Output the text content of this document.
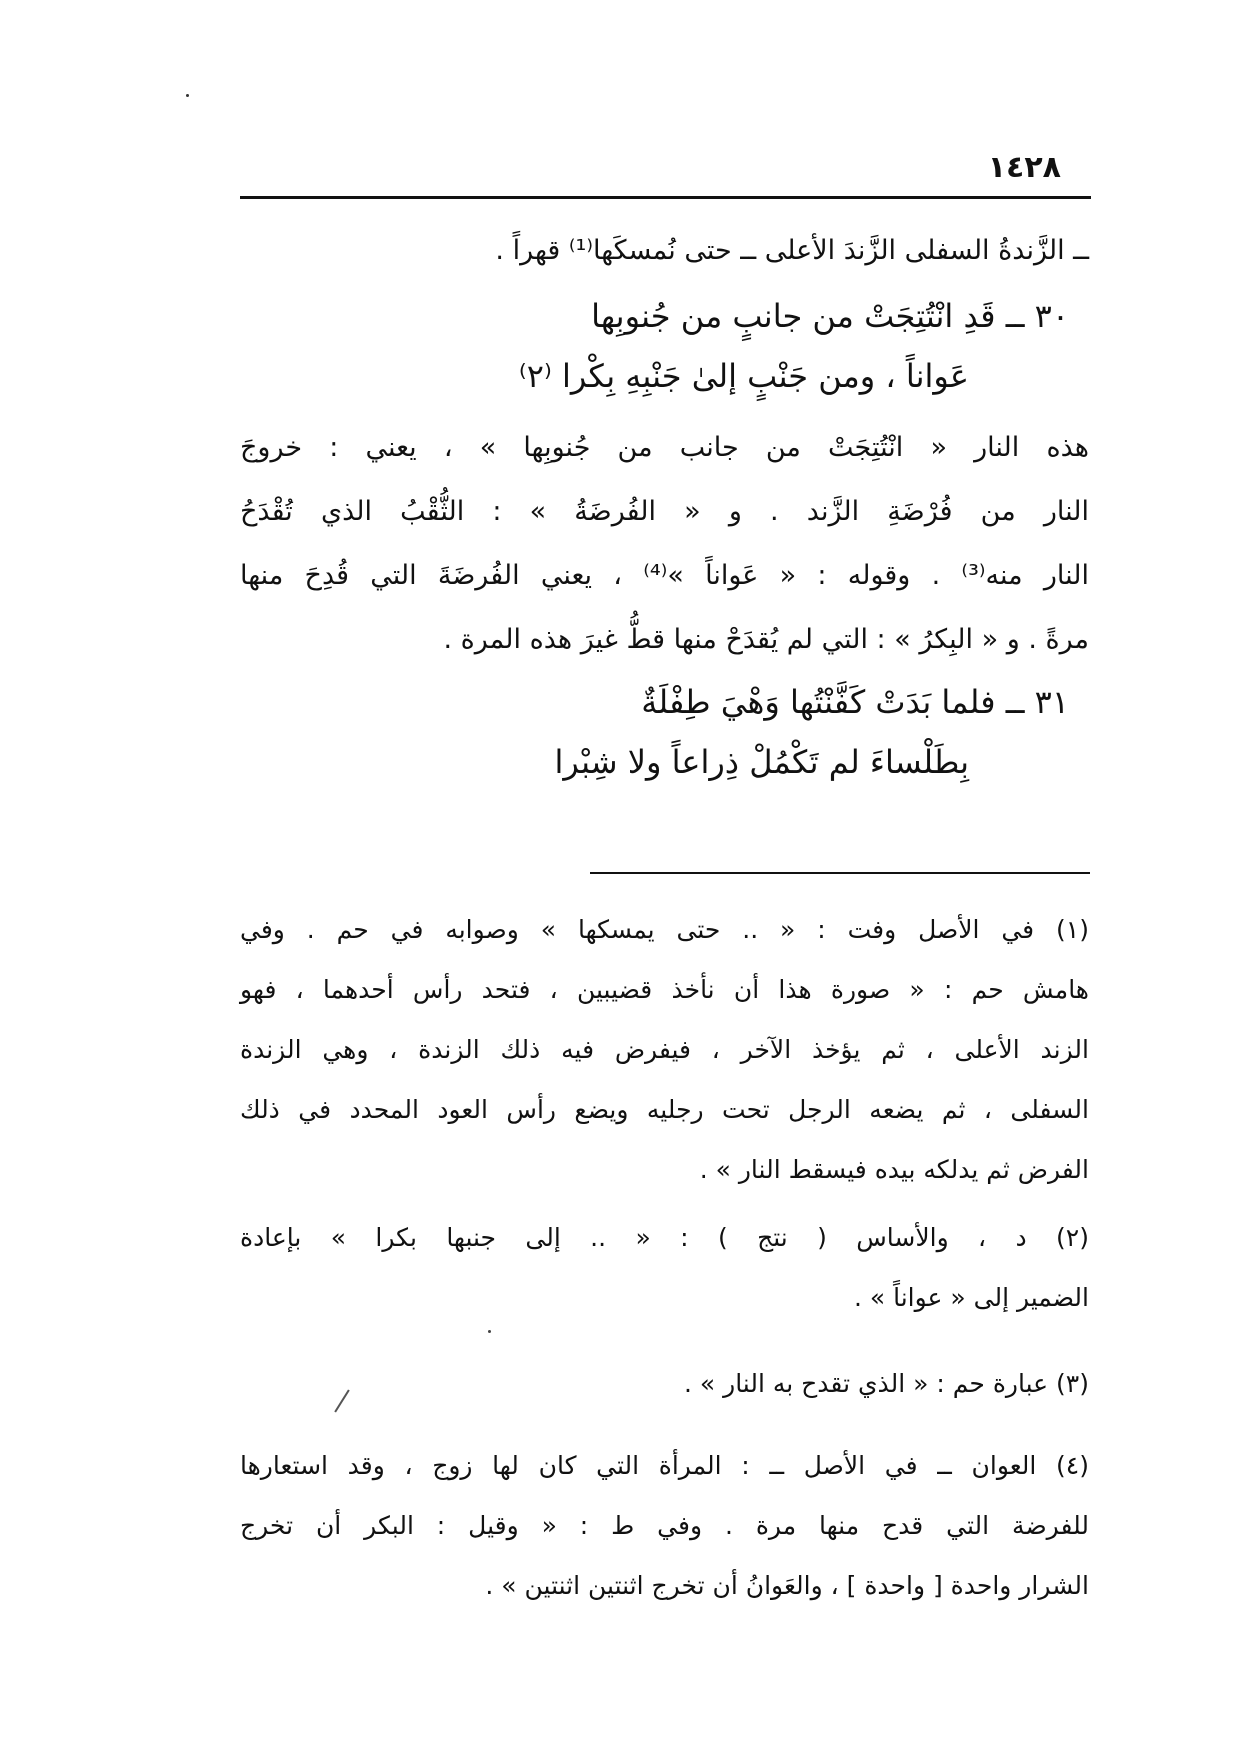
١٤٢٨
ــ الزَّندةُ السفلى الزَّندَ الأعلى ــ حتى نُمسكَها⁽¹⁾ قهراً .
٣٠ ــ قَدِ انْتُتِجَتْ من جانبٍ من جُنوبِها
عَواناً ، ومن جَنْبٍ إلىٰ جَنْبِهِ بِكْرا ⁽٢⁾
هذه النار « انْتُتِجَتْ من جانب من جُنوبِها » ، يعني : خروجَ
النار من فُرْضَةِ الزَّند . و « الفُرضَةُ » : الثُّقْبُ الذي تُقْدَحُ
النار منه⁽³⁾ . وقوله : « عَواناً »⁽⁴⁾ ، يعني الفُرضَةَ التي قُدِحَ منها
مرةً . و « البِكرُ » : التي لم يُقدَحْ منها قطُّ غيرَ هذه المرة .
٣١ ــ فلما بَدَتْ كَفَّنْتُها وَهْيَ طِفْلَةٌ
بِطَلْساءَ لم تَكْمُلْ ذِراعاً ولا شِبْرا
(١) في الأصل وفت : « .. حتى يمسكها » وصوابه في حم . وفي
هامش حم : « صورة هذا أن نأخذ قضيبين ، فتحد رأس أحدهما ، فهو
الزند الأعلى ، ثم يؤخذ الآخر ، فيفرض فيه ذلك الزندة ، وهي الزندة
السفلى ، ثم يضعه الرجل تحت رجليه ويضع رأس العود المحدد في ذلك
الفرض ثم يدلكه بيده فيسقط النار » .
(٢) د ، والأساس ( نتج ) : « .. إلى جنبها بكرا » بإعادة
الضمير إلى « عواناً » .
(٣) عبارة حم : « الذي تقدح به النار » .
(٤) العوان ــ في الأصل ــ : المرأة التي كان لها زوج ، وقد استعارها
للفرضة التي قدح منها مرة . وفي ط : « وقيل : البكر أن تخرج
الشرار واحدة [ واحدة ] ، والعَوانُ أن تخرج اثنتين اثنتين » .
